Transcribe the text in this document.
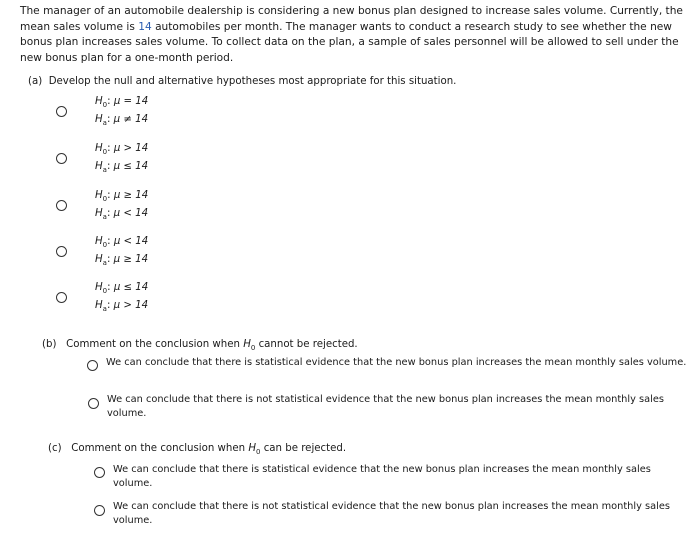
The manager of an automobile dealership is considering a new bonus plan designed to increase sales volume. Currently, the mean sales volume is 14 automobiles per month. The manager wants to conduct a research study to see whether the new bonus plan increases sales volume. To collect data on the plan, a sample of sales personnel will be allowed to sell under the new bonus plan for a one-month period.
(a) Develop the null and alternative hypotheses most appropriate for this situation.
$H_0$: μ = 14
$H_a$: μ ≠ 14
$H_0$: μ > 14
$H_a$: μ ≤ 14
$H_0$: μ ≥ 14
$H_a$: μ < 14
$H_0$: μ < 14
$H_a$: μ ≥ 14
$H_0$: μ ≤ 14
$H_a$: μ > 14
(b) Comment on the conclusion when $H_0$ cannot be rejected.
We can conclude that there is statistical evidence that the new bonus plan increases the mean monthly sales volume.
We can conclude that there is not statistical evidence that the new bonus plan increases the mean monthly sales volume.
(c) Comment on the conclusion when $H_0$ can be rejected.
We can conclude that there is statistical evidence that the new bonus plan increases the mean monthly sales volume.
We can conclude that there is not statistical evidence that the new bonus plan increases the mean monthly sales volume.
